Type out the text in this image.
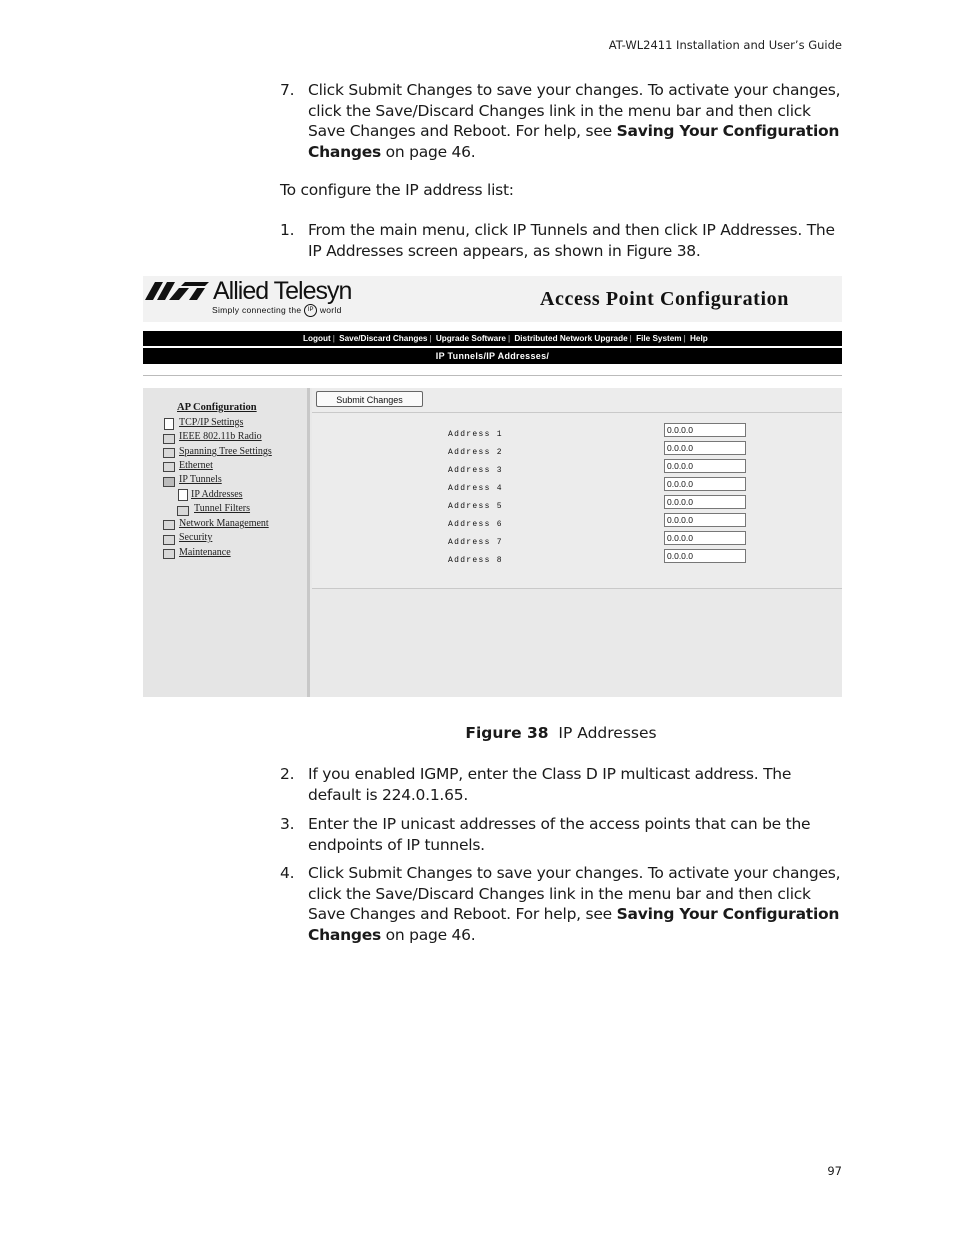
AT-WL2411 Installation and User’s Guide
7. Click Submit Changes to save your changes. To activate your changes, click the Save/Discard Changes link in the menu bar and then click Save Changes and Reboot. For help, see Saving Your Configuration Changes on page 46.
To configure the IP address list:
1. From the main menu, click IP Tunnels and then click IP Addresses. The IP Addresses screen appears, as shown in Figure 38.
Allied Telesyn
Simply connecting the IP world	Access Point Configuration
Logout | Save/Discard Changes | Upgrade Software | Distributed Network Upgrade | File System | Help
IP Tunnels/IP Addresses/
AP Configuration
TCP/IP Settings
IEEE 802.11b Radio
Spanning Tree Settings
Ethernet
IP Tunnels
IP Addresses
Tunnel Filters
Network Management
Security
Maintenance
Submit Changes
Address 1
0.0.0.0
Address 2
0.0.0.0
Address 3
0.0.0.0
Address 4
0.0.0.0
Address 5
0.0.0.0
Address 6
0.0.0.0
Address 7
0.0.0.0
Address 8
0.0.0.0
Figure 38 IP Addresses
2. If you enabled IGMP, enter the Class D IP multicast address. The default is 224.0.1.65.
3. Enter the IP unicast addresses of the access points that can be the endpoints of IP tunnels.
4. Click Submit Changes to save your changes. To activate your changes, click the Save/Discard Changes link in the menu bar and then click Save Changes and Reboot. For help, see Saving Your Configuration Changes on page 46.
97
